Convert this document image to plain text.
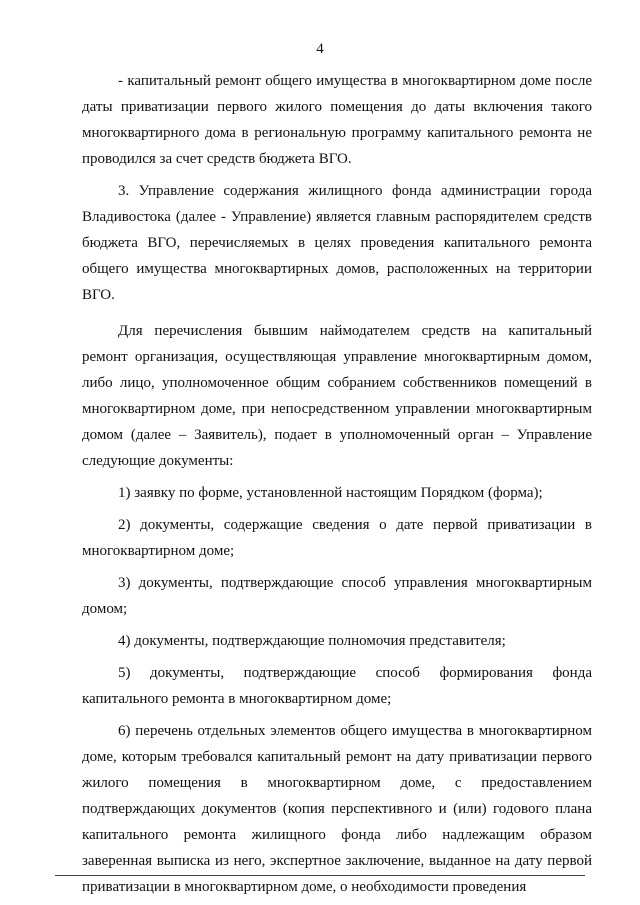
4

- капитальный ремонт общего имущества в многоквартирном доме после даты приватизации первого жилого помещения до даты включения такого многоквартирного дома в региональную программу капитального ремонта не проводился за счет средств бюджета ВГО.

3. Управление содержания жилищного фонда администрации города Владивостока (далее - Управление) является главным распорядителем средств бюджета ВГО, перечисляемых в целях проведения капитального ремонта общего имущества многоквартирных домов, расположенных на территории ВГО.

Для перечисления бывшим наймодателем средств на капитальный ремонт организация, осуществляющая управление многоквартирным домом, либо лицо, уполномоченное общим собранием собственников помещений в многоквартирном доме, при непосредственном управлении многоквартирным домом (далее – Заявитель), подает в уполномоченный орган – Управление следующие документы:

1) заявку по форме, установленной настоящим Порядком (форма);

2) документы, содержащие сведения о дате первой приватизации в многоквартирном доме;

3) документы, подтверждающие способ управления многоквартирным домом;

4) документы, подтверждающие полномочия представителя;

5) документы, подтверждающие способ формирования фонда капитального ремонта в многоквартирном доме;

6) перечень отдельных элементов общего имущества в многоквартирном доме, которым требовался капитальный ремонт на дату приватизации первого жилого помещения в многоквартирном доме, с предоставлением подтверждающих документов (копия перспективного и (или) годового плана капитального ремонта жилищного фонда либо надлежащим образом заверенная выписка из него, экспертное заключение, выданное на дату первой приватизации в многоквартирном доме, о необходимости проведения
